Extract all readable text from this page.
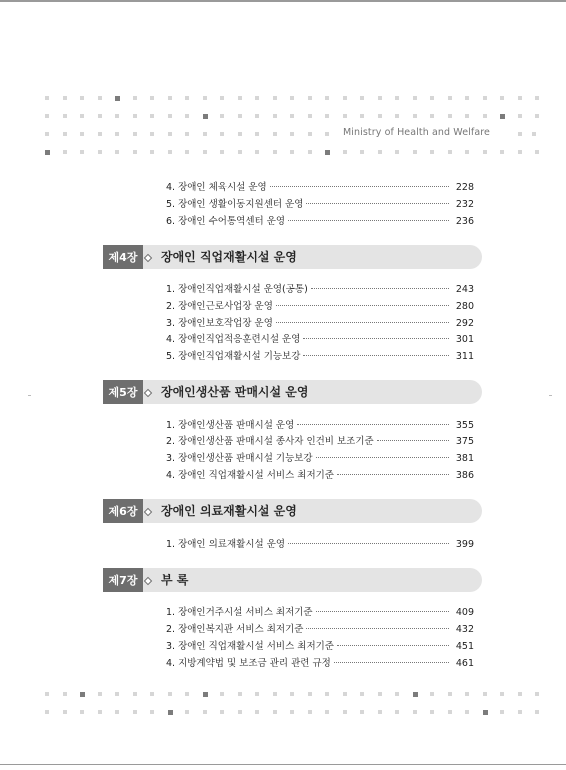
Ministry of Health and Welfare
4. 장애인 체육시설 운영	228
5. 장애인 생활이동지원센터 운영	232
6. 장애인 수어통역센터 운영	236
제4장	장애인 직업재활시설 운영
1. 장애인직업재활시설 운영(공통)	243
2. 장애인근로사업장 운영	280
3. 장애인보호작업장 운영	292
4. 장애인직업적응훈련시설 운영	301
5. 장애인직업재활시설 기능보강	311
제5장	장애인생산품 판매시설 운영
1. 장애인생산품 판매시설 운영	355
2. 장애인생산품 판매시설 종사자 인건비 보조기준	375
3. 장애인생산품 판매시설 기능보강	381
4. 장애인 직업재활시설 서비스 최저기준	386
제6장	장애인 의료재활시설 운영
1. 장애인 의료재활시설 운영	399
제7장	부 록
1. 장애인거주시설 서비스 최저기준	409
2. 장애인복지관 서비스 최저기준	432
3. 장애인 직업재활시설 서비스 최저기준	451
4. 지방계약법 및 보조금 관리 관련 규정	461
